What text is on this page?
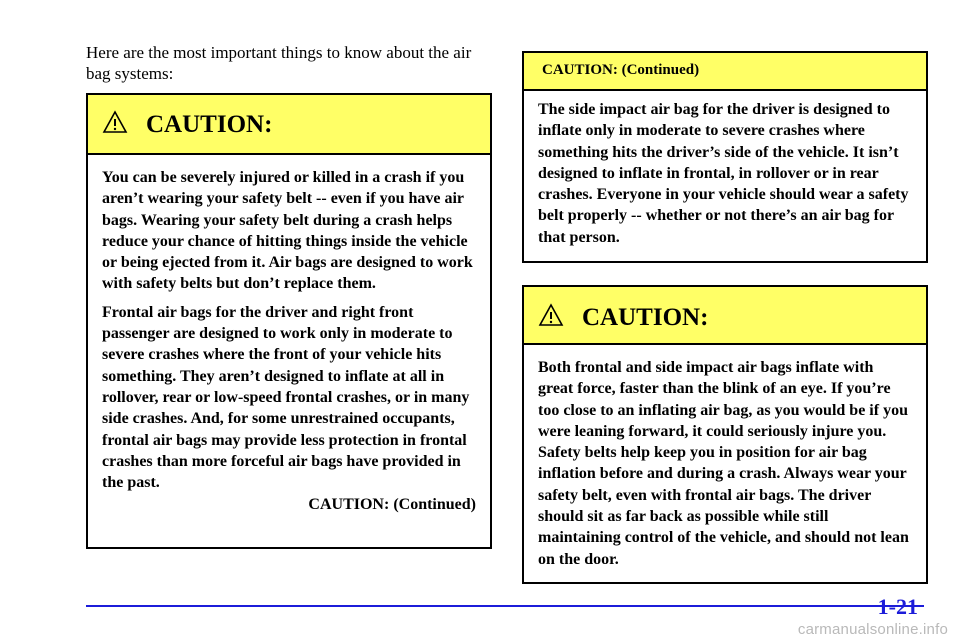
Here are the most important things to know about the air bag systems:
CAUTION:

You can be severely injured or killed in a crash if you aren’t wearing your safety belt -- even if you have air bags. Wearing your safety belt during a crash helps reduce your chance of hitting things inside the vehicle or being ejected from it. Air bags are designed to work with safety belts but don’t replace them.

Frontal air bags for the driver and right front passenger are designed to work only in moderate to severe crashes where the front of your vehicle hits something. They aren’t designed to inflate at all in rollover, rear or low-speed frontal crashes, or in many side crashes. And, for some unrestrained occupants, frontal air bags may provide less protection in frontal crashes than more forceful air bags have provided in the past.

CAUTION: (Continued)
CAUTION: (Continued)

The side impact air bag for the driver is designed to inflate only in moderate to severe crashes where something hits the driver’s side of the vehicle. It isn’t designed to inflate in frontal, in rollover or in rear crashes. Everyone in your vehicle should wear a safety belt properly -- whether or not there’s an air bag for that person.

CAUTION:

Both frontal and side impact air bags inflate with great force, faster than the blink of an eye. If you’re too close to an inflating air bag, as you would be if you were leaning forward, it could seriously injure you. Safety belts help keep you in position for air bag inflation before and during a crash. Always wear your safety belt, even with frontal air bags. The driver should sit as far back as possible while still maintaining control of the vehicle, and should not lean on the door.

1-21
carmanualsonline.info
